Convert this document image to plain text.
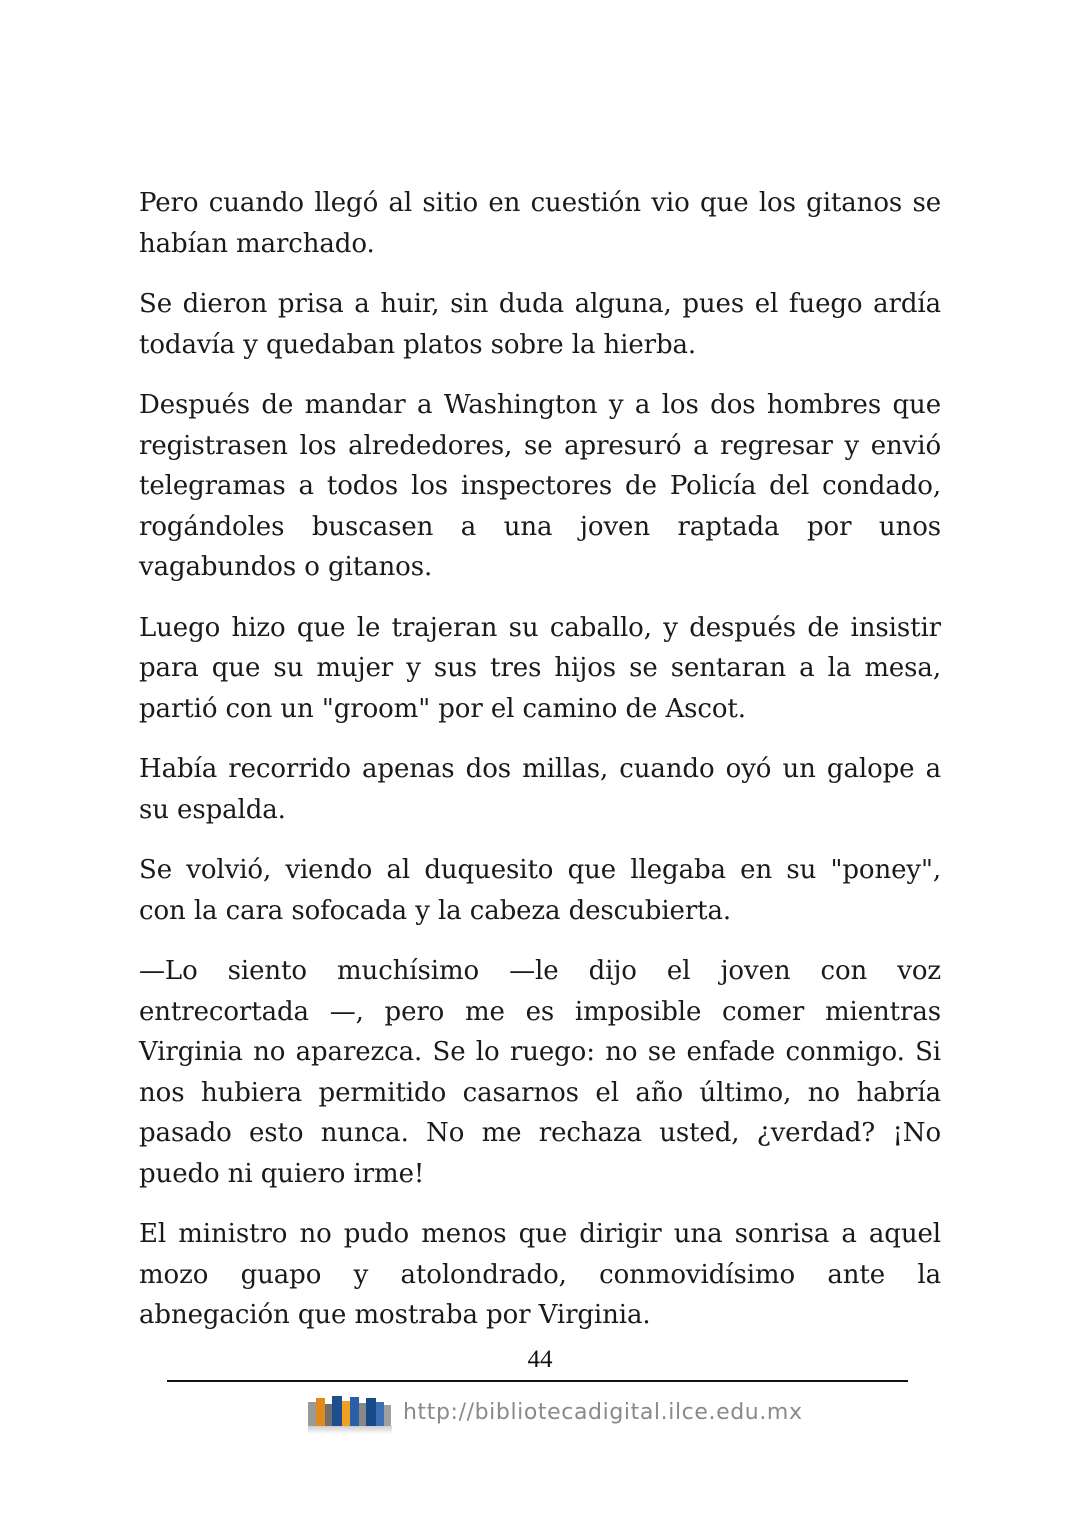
Pero cuando llegó al sitio en cuestión vio que los gitanos se habían marchado.

Se dieron prisa a huir, sin duda alguna, pues el fuego ardía todavía y quedaban platos sobre la hierba.

Después de mandar a Washington y a los dos hombres que registrasen los alrededores, se apresuró a regresar y envió telegramas a todos los inspectores de Policía del condado, rogándoles buscasen a una joven raptada por unos vagabundos o gitanos.

Luego hizo que le trajeran su caballo, y después de insistir para que su mujer y sus tres hijos se sentaran a la mesa, partió con un "groom" por el camino de Ascot.

Había recorrido apenas dos millas, cuando oyó un galope a su espalda.

Se volvió, viendo al duquesito que llegaba en su "poney", con la cara sofocada y la cabeza descubierta.

—Lo siento muchísimo —le dijo el joven con voz entrecortada —, pero me es imposible comer mientras Virginia no aparezca. Se lo ruego: no se enfade conmigo. Si nos hubiera permitido casarnos el año último, no habría pasado esto nunca. No me rechaza usted, ¿verdad? ¡No puedo ni quiero irme!

El ministro no pudo menos que dirigir una sonrisa a aquel mozo guapo y atolondrado, conmovidísimo ante la abnegación que mostraba por Virginia.

44
http://bibliotecadigital.ilce.edu.mx
